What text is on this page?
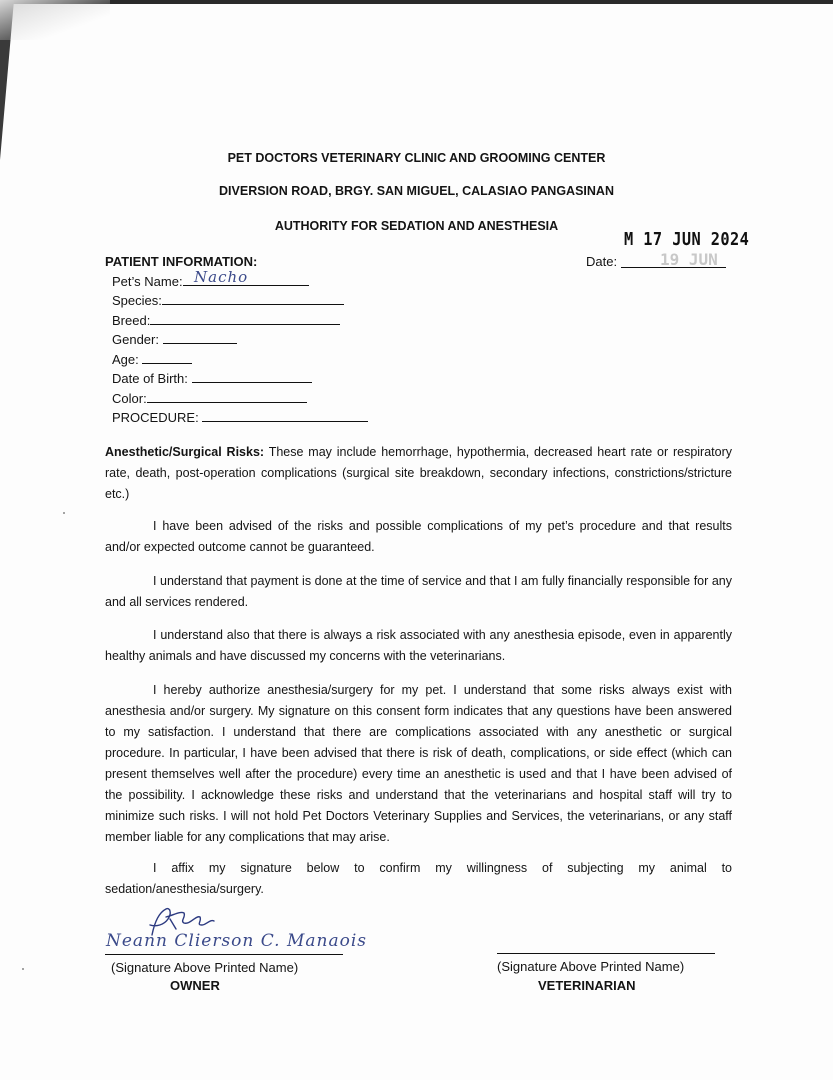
PET DOCTORS VETERINARY CLINIC AND GROOMING CENTER
DIVERSION ROAD, BRGY. SAN MIGUEL, CALASIAO PANGASINAN
AUTHORITY FOR SEDATION AND ANESTHESIA
19 JUN
M 17 JUN 2024
Date:
PATIENT INFORMATION:
Pet’s Name: Nacho
Species:
Breed:
Gender:
Age:
Date of Birth:
Color:
PROCEDURE:
Anesthetic/Surgical Risks: These may include hemorrhage, hypothermia, decreased heart rate or respiratory rate, death, post-operation complications (surgical site breakdown, secondary infections, constrictions/stricture etc.)
I have been advised of the risks and possible complications of my pet’s procedure and that results and/or expected outcome cannot be guaranteed.
I understand that payment is done at the time of service and that I am fully financially responsible for any and all services rendered.
I understand also that there is always a risk associated with any anesthesia episode, even in apparently healthy animals and have discussed my concerns with the veterinarians.
I hereby authorize anesthesia/surgery for my pet. I understand that some risks always exist with anesthesia and/or surgery. My signature on this consent form indicates that any questions have been answered to my satisfaction. I understand that there are complications associated with any anesthetic or surgical procedure. In particular, I have been advised that there is risk of death, complications, or side effect (which can present themselves well after the procedure) every time an anesthetic is used and that I have been advised of the possibility. I acknowledge these risks and understand that the veterinarians and hospital staff will try to minimize such risks. I will not hold Pet Doctors Veterinary Supplies and Services, the veterinarians, or any staff member liable for any complications that may arise.
I affix my signature below to confirm my willingness of subjecting my animal to sedation/anesthesia/surgery.
Neann Clierson C. Manaois
(Signature Above Printed Name)
OWNER
(Signature Above Printed Name)
VETERINARIAN
